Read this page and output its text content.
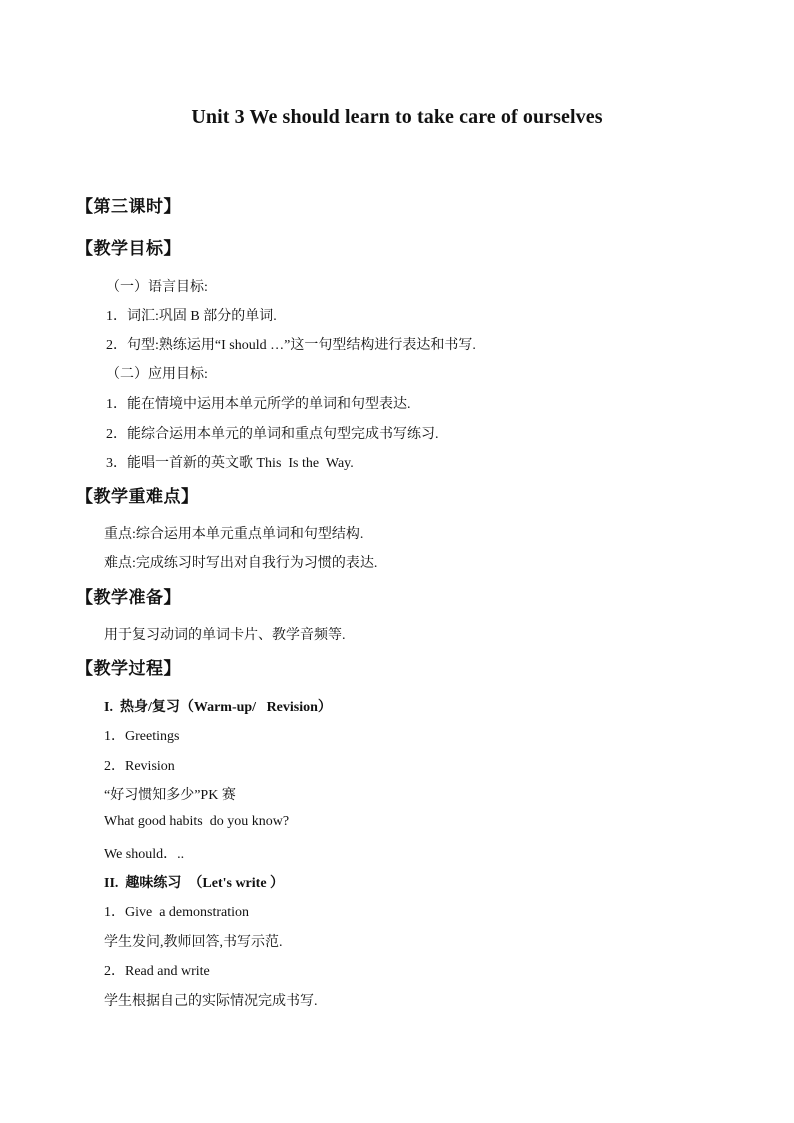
Unit 3 We should learn to take care of ourselves
【第三课时】
【教学目标】
（一）语言目标:
1．词汇:巩固 B 部分的单词.
2．句型:熟练运用“I should …”这一句型结构进行表达和书写.
（二）应用目标:
1．能在情境中运用本单元所学的单词和句型表达.
2．能综合运用本单元的单词和重点句型完成书写练习.
3．能唱一首新的英文歌 This  Is the  Way.
【教学重难点】
重点:综合运用本单元重点单词和句型结构.
难点:完成练习时写出对自我行为习惯的表达.
【教学准备】
用于复习动词的单词卡片、教学音频等.
【教学过程】
I.  热身/复习（Warm-up/   Revision）
1．Greetings
2．Revision
“好习惯知多少”PK 赛
What good habits  do you know?
We should．..
II.  趣味练习  （Let's write ）
1．Give  a demonstration
学生发问,教师回答,书写示范.
2．Read and write
学生根据自己的实际情况完成书写.
